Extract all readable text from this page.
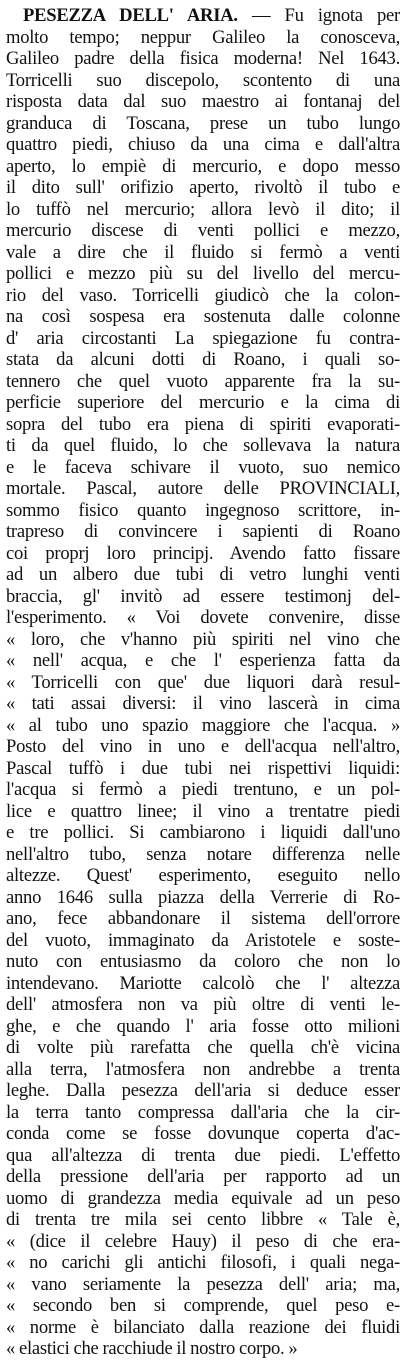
PESEZZA DELL' ARIA. — Fu ignota per
molto tempo; neppur Galileo la conosceva,
Galileo padre della fisica moderna! Nel 1643.
Torricelli suo discepolo, scontento di una
risposta data dal suo maestro ai fontanaj del
granduca di Toscana, prese un tubo lungo
quattro piedi, chiuso da una cima e dall'altra
aperto, lo empiè di mercurio, e dopo messo
il dito sull' orifizio aperto, rivoltò il tubo e
lo tuffò nel mercurio; allora levò il dito; il
mercurio discese di venti pollici e mezzo,
vale a dire che il fluido si fermò a venti
pollici e mezzo più su del livello del mercu-
rio del vaso. Torricelli giudicò che la colon-
na così sospesa era sostenuta dalle colonne
d' aria circostanti La spiegazione fu contra-
stata da alcuni dotti di Roano, i quali so-
tennero che quel vuoto apparente fra la su-
perficie superiore del mercurio e la cima di
sopra del tubo era piena di spiriti evaporati-
ti da quel fluido, lo che sollevava la natura
e le faceva schivare il vuoto, suo nemico
mortale. Pascal, autore delle PROVINCIALI,
sommo fisico quanto ingegnoso scrittore, in-
trapreso di convincere i sapienti di Roano
coi proprj loro principj. Avendo fatto fissare
ad un albero due tubi di vetro lunghi venti
braccia, gl' invitò ad essere testimonj del-
l'esperimento. « Voi dovete convenire, disse
« loro, che v'hanno più spiriti nel vino che
« nell' acqua, e che l' esperienza fatta da
« Torricelli con que' due liquori darà resul-
« tati assai diversi: il vino lascerà in cima
« al tubo uno spazio maggiore che l'acqua. »
Posto del vino in uno e dell'acqua nell'altro,
Pascal tuffò i due tubi nei rispettivi liquidi:
l'acqua si fermò a piedi trentuno, e un pol-
lice e quattro linee; il vino a trentatre piedi
e tre pollici. Si cambiarono i liquidi dall'uno
nell'altro tubo, senza notare differenza nelle
altezze. Quest' esperimento, eseguito nello
anno 1646 sulla piazza della Verrerie di Ro-
ano, fece abbandonare il sistema dell'orrore
del vuoto, immaginato da Aristotele e soste-
nuto con entusiasmo da coloro che non lo
intendevano. Mariotte calcolò che l' altezza
dell' atmosfera non va più oltre di venti le-
ghe, e che quando l' aria fosse otto milioni
di volte più rarefatta che quella ch'è vicina
alla terra, l'atmosfera non andrebbe a trenta
leghe. Dalla pesezza dell'aria si deduce esser
la terra tanto compressa dall'aria che la cir-
conda come se fosse dovunque coperta d'ac-
qua all'altezza di trenta due piedi. L'effetto
della pressione dell'aria per rapporto ad un
uomo di grandezza media equivale ad un peso
di trenta tre mila sei cento libbre « Tale è,
« (dice il celebre Hauy) il peso di che era-
« no carichi gli antichi filosofi, i quali nega-
« vano seriamente la pesezza dell' aria; ma,
« secondo ben si comprende, quel peso e-
« norme è bilanciato dalla reazione dei fluidi
« elastici che racchiude il nostro corpo. »
